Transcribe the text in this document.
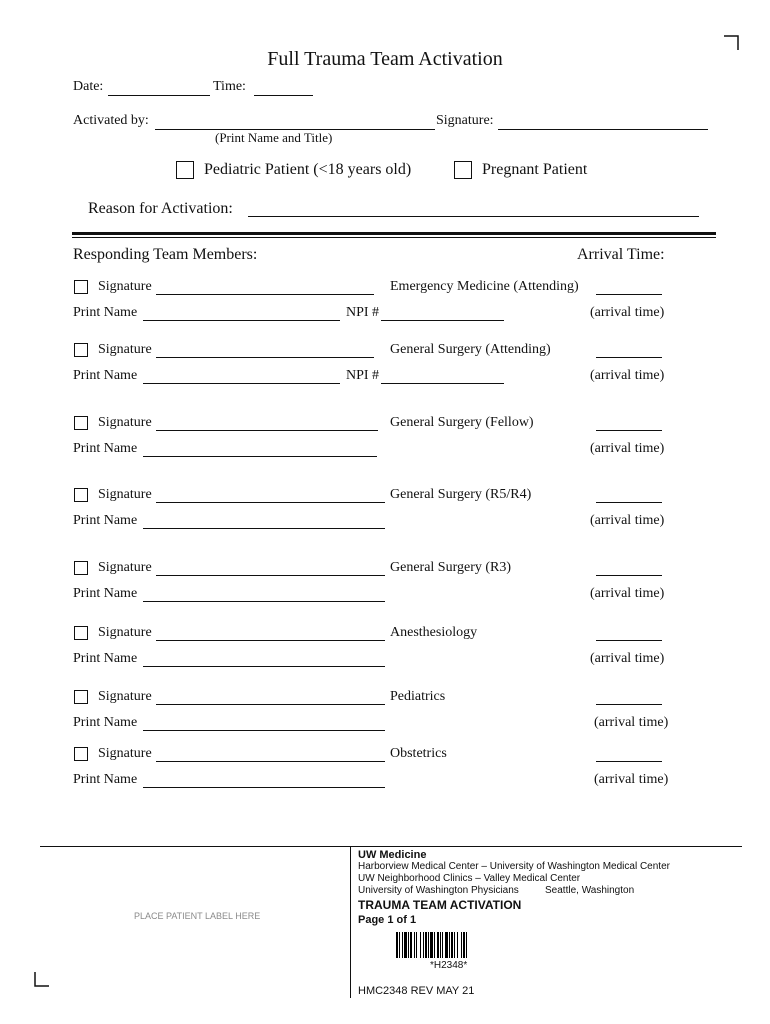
Full Trauma Team Activation
Date:	Time:
Activated by:	Signature:
(Print Name and Title)
Pediatric Patient (<18 years old)	Pregnant Patient
Reason for Activation:
Responding Team Members:	Arrival Time:
Signature	Emergency Medicine (Attending)
Print Name	NPI #	(arrival time)
Signature	General Surgery (Attending)
Print Name	NPI #	(arrival time)
Signature	General Surgery (Fellow)
Print Name	(arrival time)
Signature	General Surgery (R5/R4)
Print Name	(arrival time)
Signature	General Surgery (R3)
Print Name	(arrival time)
Signature	Anesthesiology
Print Name	(arrival time)
Signature	Pediatrics
Print Name	(arrival time)
Signature	Obstetrics
Print Name	(arrival time)
PLACE PATIENT LABEL HERE
UW Medicine
Harborview Medical Center – University of Washington Medical Center
UW Neighborhood Clinics – Valley Medical Center
University of Washington Physicians	Seattle, Washington
TRAUMA TEAM ACTIVATION
Page 1 of 1
*H2348*
HMC2348 REV MAY 21
